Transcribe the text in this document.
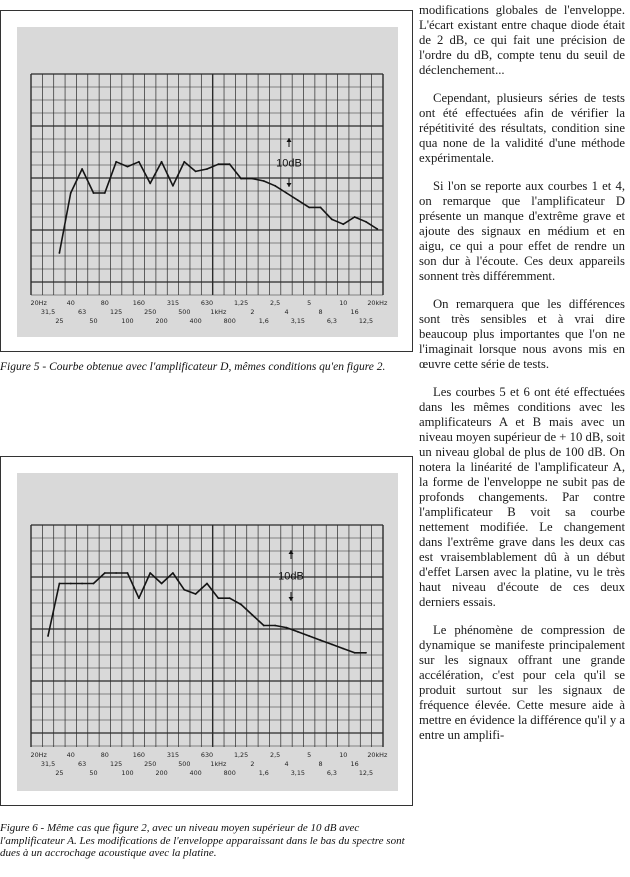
20Hz	40	80	160	315	630	1,25	2,5	5	10	20kHz
31,5	63	125	250	500	1kHz	2	4	8	16
25	50	100	200	400	800	1,6	3,15	6,3	12,5
10dB

Figure 5 - Courbe obtenue avec l'amplificateur D, mêmes conditions qu'en figure 2.

20Hz	40	80	160	315	630	1,25	2,5	5	10	20kHz
31,5	63	125	250	500	1kHz	2	4	8	16
25	50	100	200	400	800	1,6	3,15	6,3	12,5
10dB

Figure 6 - Même cas que figure 2, avec un niveau moyen supérieur de 10 dB avec l'amplificateur A. Les modifications de l'enveloppe apparaissant dans le bas du spectre sont dues à un accrochage acoustique avec la platine.

modifications globales de l'enveloppe. L'écart existant entre chaque diode était de 2 dB, ce qui fait une précision de l'ordre du dB, compte tenu du seuil de déclenchement...

Cependant, plusieurs séries de tests ont été effectuées afin de vérifier la répétitivité des résultats, condition sine qua none de la validité d'une méthode expérimentale.

Si l'on se reporte aux courbes 1 et 4, on remarque que l'amplificateur D présente un manque d'extrême grave et ajoute des signaux en médium et en aigu, ce qui a pour effet de rendre un son dur à l'écoute. Ces deux appareils sonnent très différemment.

On remarquera que les différences sont très sensibles et à vrai dire beaucoup plus importantes que l'on ne l'imaginait lorsque nous avons mis en œuvre cette série de tests.

Les courbes 5 et 6 ont été effectuées dans les mêmes conditions avec les amplificateurs A et B mais avec un niveau moyen supérieur de + 10 dB, soit un niveau global de plus de 100 dB. On notera la linéarité de l'amplificateur A, la forme de l'enveloppe ne subit pas de profonds changements. Par contre l'amplificateur B voit sa courbe nettement modifiée. Le changement dans l'extrême grave dans les deux cas est vraisemblablement dû à un début d'effet Larsen avec la platine, vu le très haut niveau d'écoute de ces deux derniers essais.

Le phénomène de compression de dynamique se manifeste principalement sur les signaux offrant une grande accélération, c'est pour cela qu'il se produit surtout sur les signaux de fréquence élevée. Cette mesure aide à mettre en évidence la différence qu'il y a entre un amplifi-
